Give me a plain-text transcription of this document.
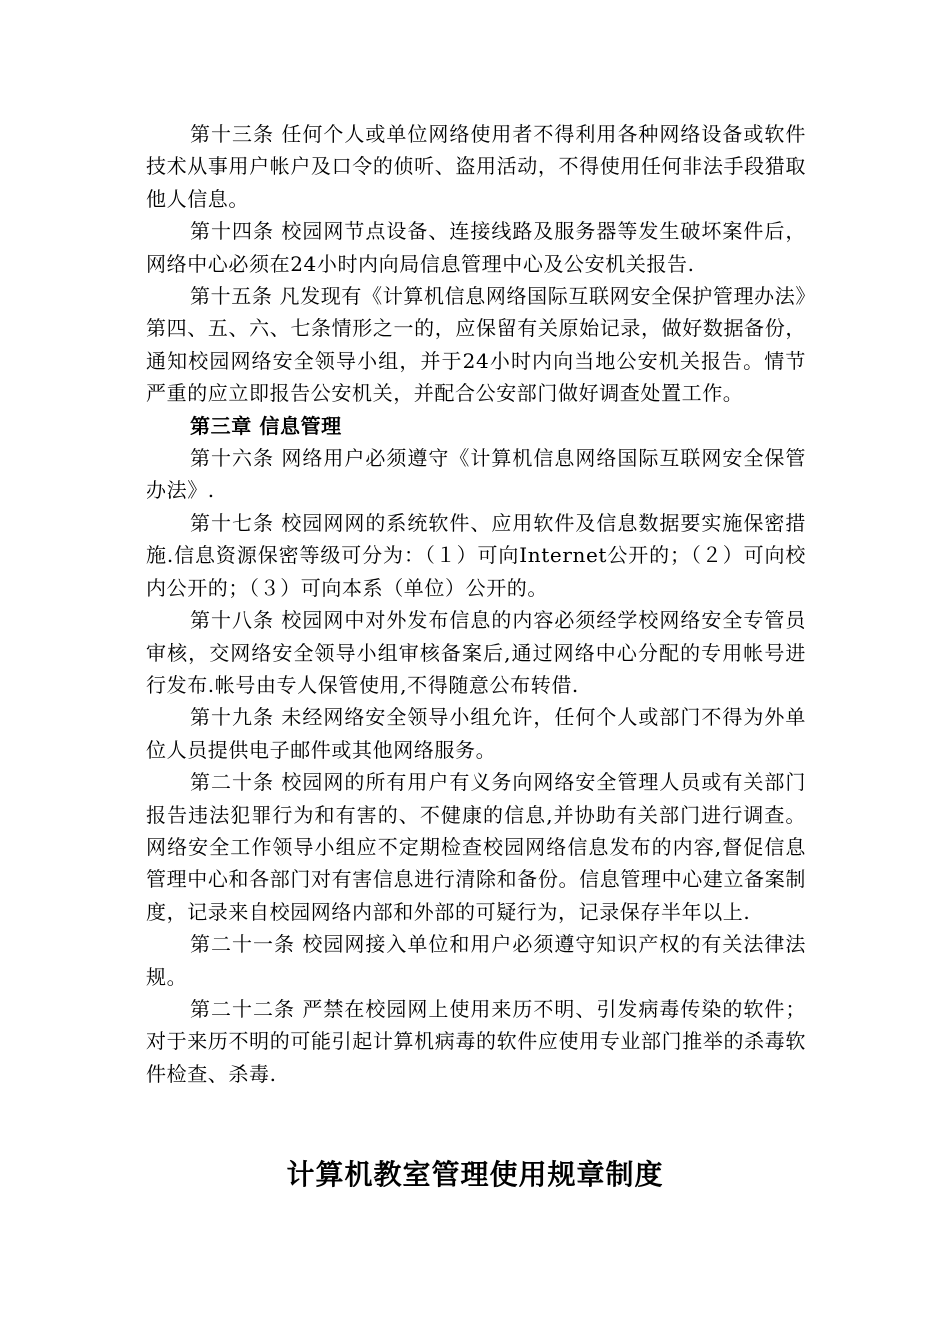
第十三条 任何个人或单位网络使用者不得利用各种网络设备或软件技术从事用户帐户及口令的侦听、盗用活动，不得使用任何非法手段猎取他人信息。

第十四条 校园网节点设备、连接线路及服务器等发生破坏案件后，网络中心必须在24小时内向局信息管理中心及公安机关报告.

第十五条 凡发现有《计算机信息网络国际互联网安全保护管理办法》第四、五、六、七条情形之一的，应保留有关原始记录，做好数据备份，通知校园网络安全领导小组，并于24小时内向当地公安机关报告。情节严重的应立即报告公安机关，并配合公安部门做好调查处置工作。

第三章 信息管理

第十六条 网络用户必须遵守《计算机信息网络国际互联网安全保管办法》.

第十七条 校园网网的系统软件、应用软件及信息数据要实施保密措施.信息资源保密等级可分为：（１）可向Internet公开的；（２）可向校内公开的；（３）可向本系（单位）公开的。

第十八条 校园网中对外发布信息的内容必须经学校网络安全专管员审核，交网络安全领导小组审核备案后,通过网络中心分配的专用帐号进行发布.帐号由专人保管使用,不得随意公布转借.

第十九条 未经网络安全领导小组允许，任何个人或部门不得为外单位人员提供电子邮件或其他网络服务。

第二十条 校园网的所有用户有义务向网络安全管理人员或有关部门报告违法犯罪行为和有害的、不健康的信息,并协助有关部门进行调查。网络安全工作领导小组应不定期检查校园网络信息发布的内容,督促信息管理中心和各部门对有害信息进行清除和备份。信息管理中心建立备案制度，记录来自校园网络内部和外部的可疑行为，记录保存半年以上.

第二十一条 校园网接入单位和用户必须遵守知识产权的有关法律法规。

第二十二条 严禁在校园网上使用来历不明、引发病毒传染的软件；对于来历不明的可能引起计算机病毒的软件应使用专业部门推举的杀毒软件检查、杀毒.

计算机教室管理使用规章制度
